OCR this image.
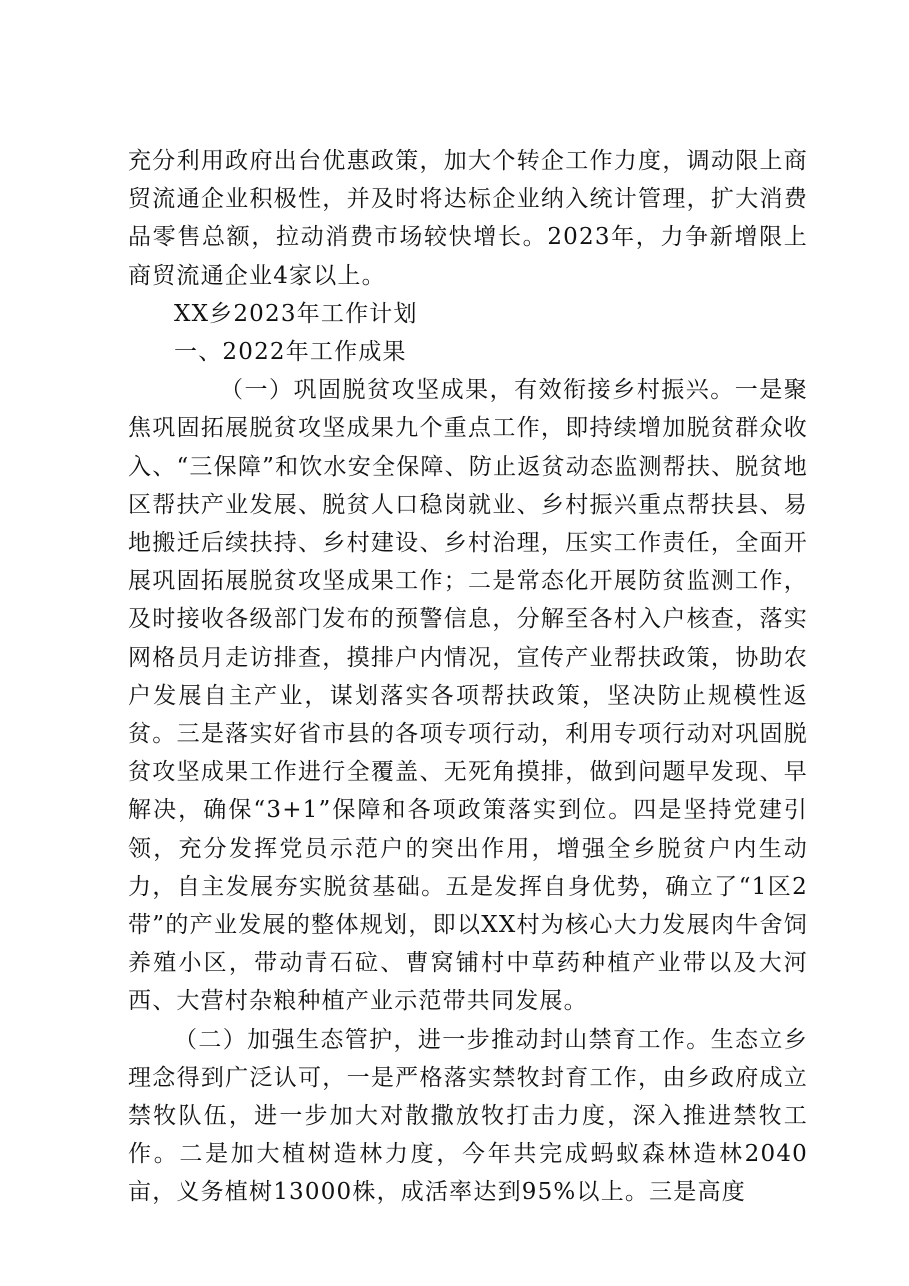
充分利用政府出台优惠政策，加大个转企工作力度，调动限上商贸流通企业积极性，并及时将达标企业纳入统计管理，扩大消费品零售总额，拉动消费市场较快增长。2023年，力争新增限上商贸流通企业4家以上。

XX乡2023年工作计划

一、2022年工作成果

（一）巩固脱贫攻坚成果，有效衔接乡村振兴。一是聚焦巩固拓展脱贫攻坚成果九个重点工作，即持续增加脱贫群众收入、“三保障”和饮水安全保障、防止返贫动态监测帮扶、脱贫地区帮扶产业发展、脱贫人口稳岗就业、乡村振兴重点帮扶县、易地搬迁后续扶持、乡村建设、乡村治理，压实工作责任，全面开展巩固拓展脱贫攻坚成果工作；二是常态化开展防贫监测工作，及时接收各级部门发布的预警信息，分解至各村入户核查，落实网格员月走访排查，摸排户内情况，宣传产业帮扶政策，协助农户发展自主产业，谋划落实各项帮扶政策，坚决防止规模性返贫。三是落实好省市县的各项专项行动，利用专项行动对巩固脱贫攻坚成果工作进行全覆盖、无死角摸排，做到问题早发现、早解决，确保“3+1”保障和各项政策落实到位。四是坚持党建引领，充分发挥党员示范户的突出作用，增强全乡脱贫户内生动力，自主发展夯实脱贫基础。五是发挥自身优势，确立了“1区2带”的产业发展的整体规划，即以XX村为核心大力发展肉牛舍饲养殖小区，带动青石砬、曹窝铺村中草药种植产业带以及大河西、大营村杂粮种植产业示范带共同发展。

（二）加强生态管护，进一步推动封山禁育工作。生态立乡理念得到广泛认可，一是严格落实禁牧封育工作，由乡政府成立禁牧队伍，进一步加大对散撒放牧打击力度，深入推进禁牧工作。二是加大植树造林力度，今年共完成蚂蚁森林造林2040亩，义务植树13000株，成活率达到95%以上。三是高度
